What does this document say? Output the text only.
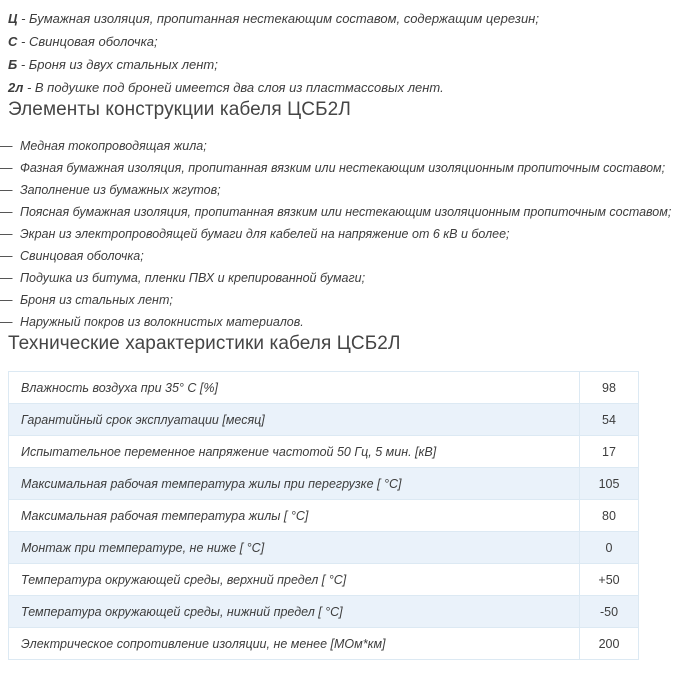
Ц - Бумажная изоляция, пропитанная нестекающим составом, содержащим церезин;
С - Свинцовая оболочка;
Б - Броня из двух стальных лент;
2л - В подушке под броней имеется два слоя из пластмассовых лент.
Элементы конструкции кабеля ЦСБ2Л
— Медная токопроводящая жила;
— Фазная бумажная изоляция, пропитанная вязким или нестекающим изоляционным пропиточным составом;
— Заполнение из бумажных жгутов;
— Поясная бумажная изоляция, пропитанная вязким или нестекающим изоляционным пропиточным составом;
— Экран из электропроводящей бумаги для кабелей на напряжение от 6 кВ и более;
— Свинцовая оболочка;
— Подушка из битума, пленки ПВХ и крепированной бумаги;
— Броня из стальных лент;
— Наружный покров из волокнистых материалов.
Технические характеристики кабеля ЦСБ2Л
Влажность воздуха при 35° C [%]	98
Гарантийный срок эксплуатации [месяц]	54
Испытательное переменное напряжение частотой 50 Гц, 5 мин. [кВ]	17
Максимальная рабочая температура жилы при перегрузке [ °C]	105
Максимальная рабочая температура жилы [ °C]	80
Монтаж при температуре, не ниже [ °C]	0
Температура окружающей среды, верхний предел [ °C]	+50
Температура окружающей среды, нижний предел [ °C]	-50
Электрическое сопротивление изоляции, не менее [МОм*км]	200
